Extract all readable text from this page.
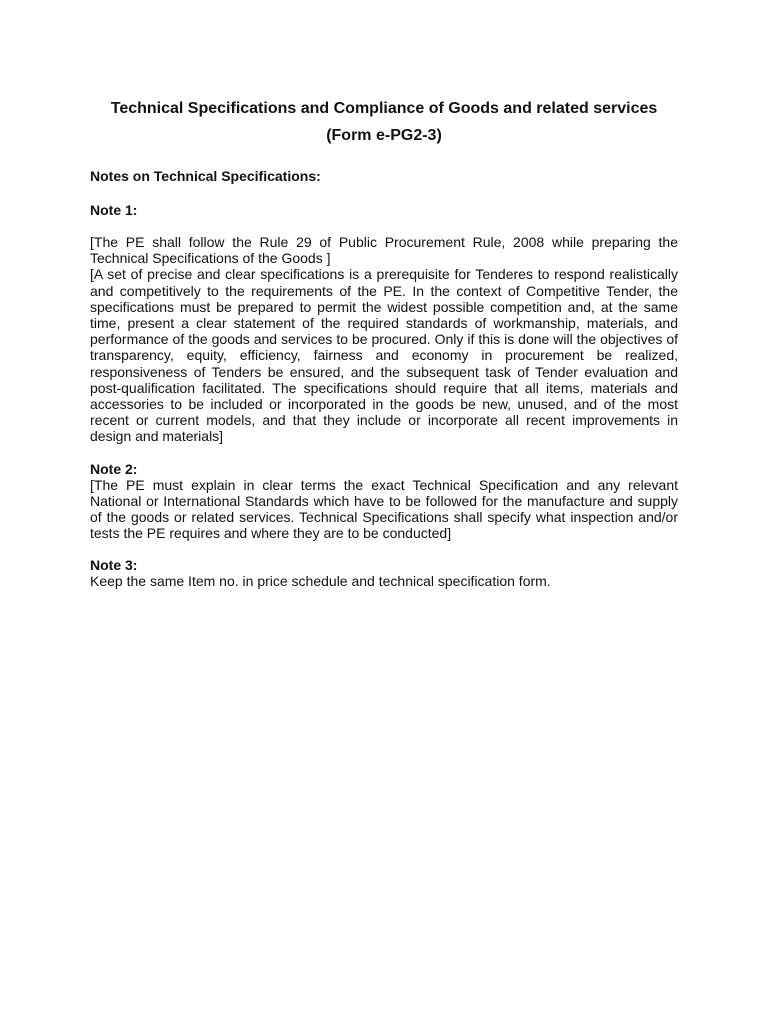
Technical Specifications and Compliance of Goods and related services
(Form e-PG2-3)
Notes on Technical Specifications:
Note 1:

[The PE shall follow the Rule 29 of Public Procurement Rule, 2008 while preparing the Technical Specifications of the Goods ]

[A set of precise and clear specifications is a prerequisite for Tenderes to respond realistically and competitively to the requirements of the PE. In the context of Competitive Tender, the specifications must be prepared to permit the widest possible competition and, at the same time, present a clear statement of the required standards of workmanship, materials, and performance of the goods and services to be procured. Only if this is done will the objectives of transparency, equity, efficiency, fairness and economy in procurement be realized, responsiveness of Tenders be ensured, and the subsequent task of Tender evaluation and post-qualification facilitated. The specifications should require that all items, materials and accessories to be included or incorporated in the goods be new, unused, and of the most recent or current models, and that they include or incorporate all recent improvements in design and materials]

Note 2:

[The PE must explain in clear terms the exact Technical Specification and any relevant National or International Standards which have to be followed for the manufacture and supply of the goods or related services. Technical Specifications shall specify what inspection and/or tests the PE requires and where they are to be conducted]

Note 3:

Keep the same Item no. in price schedule and technical specification form.
